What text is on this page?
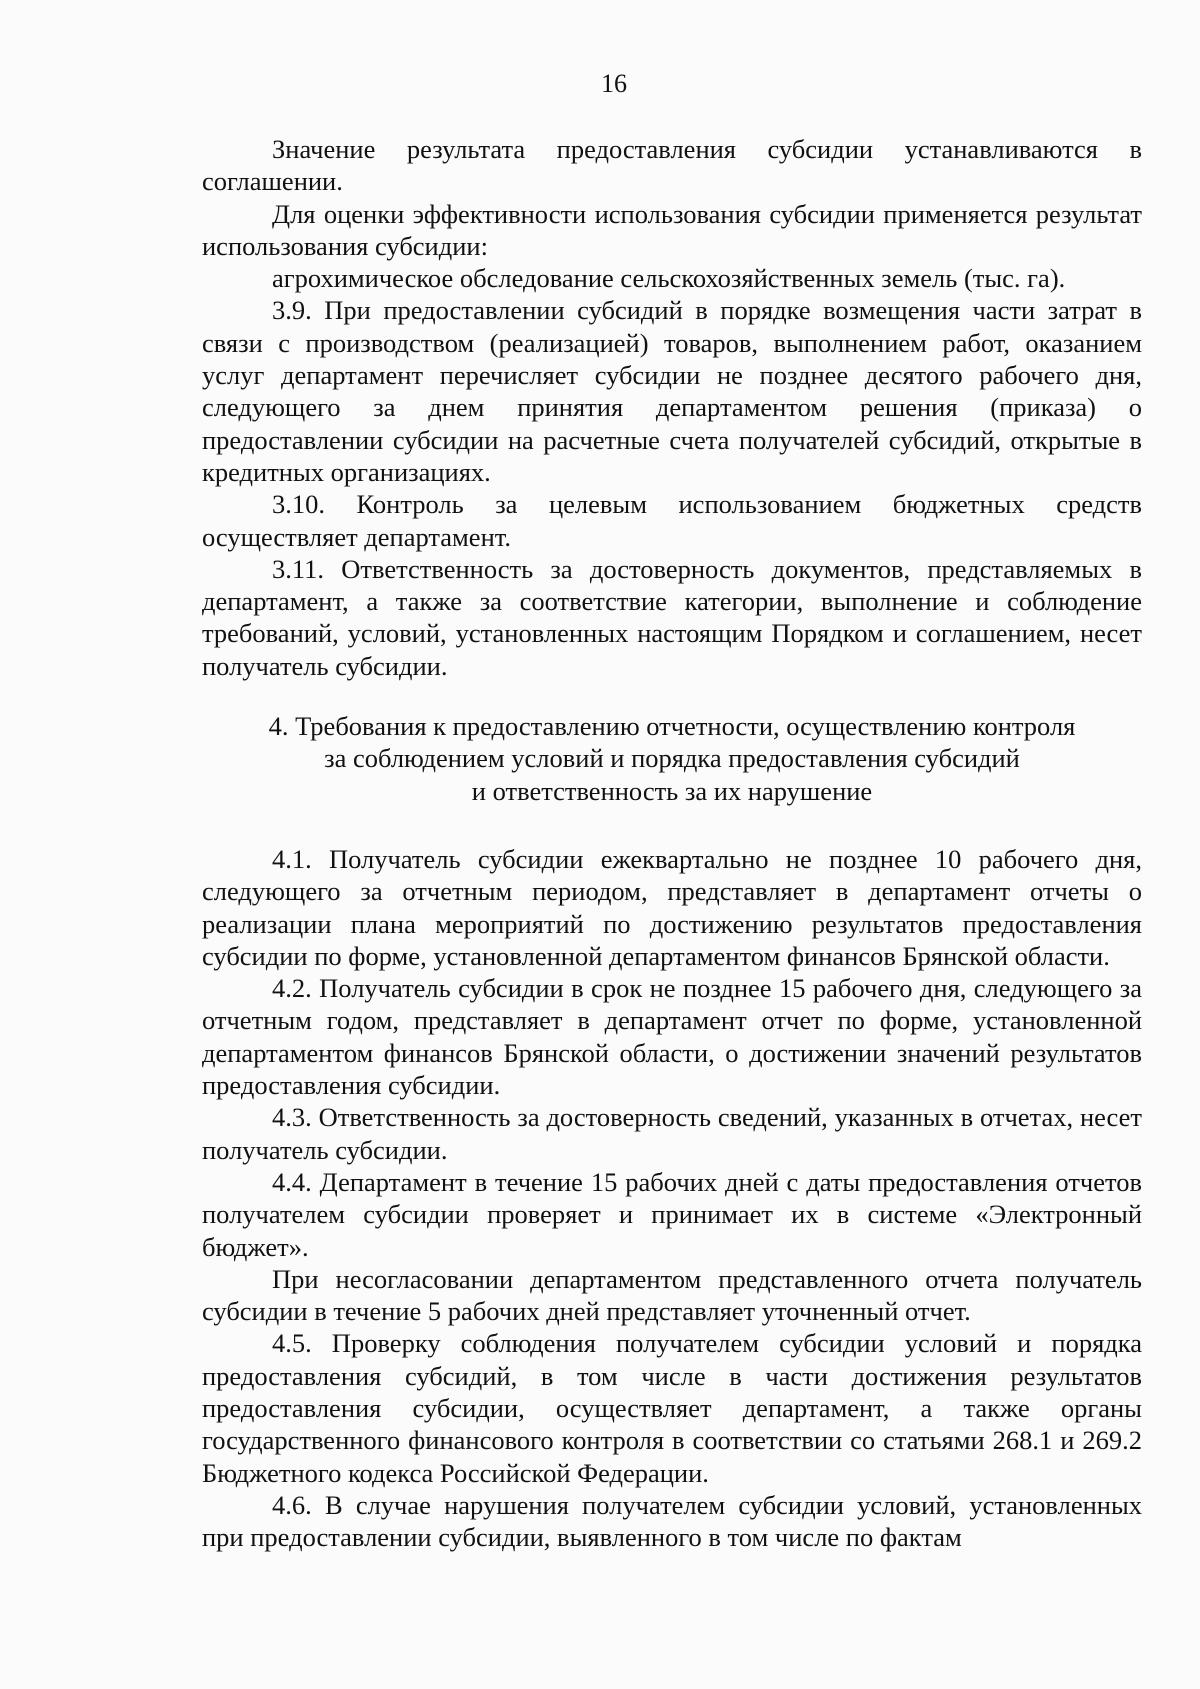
16

Значение результата предоставления субсидии устанавливаются в соглашении.

Для оценки эффективности использования субсидии применяется результат использования субсидии:

агрохимическое обследование сельскохозяйственных земель (тыс. га).

3.9. При предоставлении субсидий в порядке возмещения части затрат в связи с производством (реализацией) товаров, выполнением работ, оказанием услуг департамент перечисляет субсидии не позднее десятого рабочего дня, следующего за днем принятия департаментом решения (приказа) о предоставлении субсидии на расчетные счета получателей субсидий, открытые в кредитных организациях.

3.10. Контроль за целевым использованием бюджетных средств осуществляет департамент.

3.11. Ответственность за достоверность документов, представляемых в департамент, а также за соответствие категории, выполнение и соблюдение требований, условий, установленных настоящим Порядком и соглашением, несет получатель субсидии.

4. Требования к предоставлению отчетности, осуществлению контроля
за соблюдением условий и порядка предоставления субсидий
и ответственность за их нарушение

4.1. Получатель субсидии ежеквартально не позднее 10 рабочего дня, следующего за отчетным периодом, представляет в департамент отчеты о реализации плана мероприятий по достижению результатов предоставления субсидии по форме, установленной департаментом финансов Брянской области.

4.2. Получатель субсидии в срок не позднее 15 рабочего дня, следующего за отчетным годом, представляет в департамент отчет по форме, установленной департаментом финансов Брянской области, о достижении значений результатов предоставления субсидии.

4.3. Ответственность за достоверность сведений, указанных в отчетах, несет получатель субсидии.

4.4. Департамент в течение 15 рабочих дней с даты предоставления отчетов получателем субсидии проверяет и принимает их в системе «Электронный бюджет».

При несогласовании департаментом представленного отчета получатель субсидии в течение 5 рабочих дней представляет уточненный отчет.

4.5. Проверку соблюдения получателем субсидии условий и порядка предоставления субсидий, в том числе в части достижения результатов предоставления субсидии, осуществляет департамент, а также органы государственного финансового контроля в соответствии со статьями 268.1 и 269.2 Бюджетного кодекса Российской Федерации.

4.6. В случае нарушения получателем субсидии условий, установленных при предоставлении субсидии, выявленного в том числе по фактам
